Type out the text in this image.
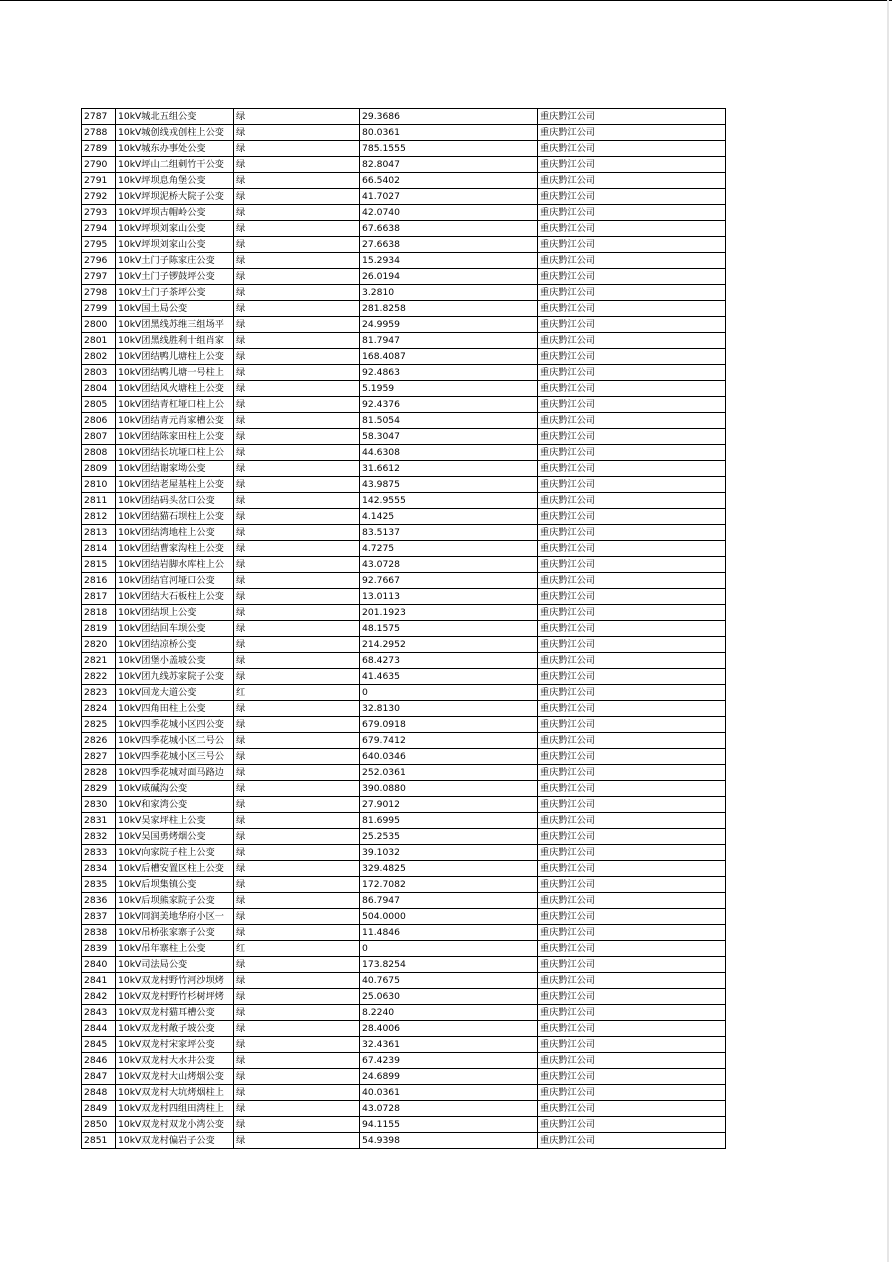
2787	10kV城北五组公变	绿	29.3686	重庆黔江公司
2788	10kV城创线戎创柱上公变	绿	80.0361	重庆黔江公司
2789	10kV城东办事处公变	绿	785.1555	重庆黔江公司
2790	10kV坪山二组刺竹干公变	绿	82.8047	重庆黔江公司
2791	10kV坪坝息角堡公变	绿	66.5402	重庆黔江公司
2792	10kV坪坝泥桥大院子公变	绿	41.7027	重庆黔江公司
2793	10kV坪坝古帽岭公变	绿	42.0740	重庆黔江公司
2794	10kV坪坝刘家山公变	绿	67.6638	重庆黔江公司
2795	10kV坪坝刘家山公变	绿	27.6638	重庆黔江公司
2796	10kV土门子陈家庄公变	绿	15.2934	重庆黔江公司
2797	10kV土门子锣鼓坪公变	绿	26.0194	重庆黔江公司
2798	10kV土门子茶坪公变	绿	3.2810	重庆黔江公司
2799	10kV国土局公变	绿	281.8258	重庆黔江公司
2800	10kV团黑线苏维三组场平	绿	24.9959	重庆黔江公司
2801	10kV团黑线胜利十组肖家	绿	81.7947	重庆黔江公司
2802	10kV团结鸭儿塘柱上公变	绿	168.4087	重庆黔江公司
2803	10kV团结鸭儿塘一号柱上	绿	92.4863	重庆黔江公司
2804	10kV团结风火塘柱上公变	绿	5.1959	重庆黔江公司
2805	10kV团结青杠垭口柱上公	绿	92.4376	重庆黔江公司
2806	10kV团结青元肖家槽公变	绿	81.5054	重庆黔江公司
2807	10kV团结陈家田柱上公变	绿	58.3047	重庆黔江公司
2808	10kV团结长坑垭口柱上公	绿	44.6308	重庆黔江公司
2809	10kV团结谢家坳公变	绿	31.6612	重庆黔江公司
2810	10kV团结老屋基柱上公变	绿	43.9875	重庆黔江公司
2811	10kV团结码头岔口公变	绿	142.9555	重庆黔江公司
2812	10kV团结猫石坝柱上公变	绿	4.1425	重庆黔江公司
2813	10kV团结湾地柱上公变	绿	83.5137	重庆黔江公司
2814	10kV团结曹家沟柱上公变	绿	4.7275	重庆黔江公司
2815	10kV团结岩脚水库柱上公	绿	43.0728	重庆黔江公司
2816	10kV团结官河垭口公变	绿	92.7667	重庆黔江公司
2817	10kV团结大石板柱上公变	绿	13.0113	重庆黔江公司
2818	10kV团结坝上公变	绿	201.1923	重庆黔江公司
2819	10kV团结回车坝公变	绿	48.1575	重庆黔江公司
2820	10kV团结凉桥公变	绿	214.2952	重庆黔江公司
2821	10kV团堡小盖坡公变	绿	68.4273	重庆黔江公司
2822	10kV团九线苏家院子公变	绿	41.4635	重庆黔江公司
2823	10kV回龙大道公变	红	0	重庆黔江公司
2824	10kV四角田柱上公变	绿	32.8130	重庆黔江公司
2825	10kV四季花城小区四公变	绿	679.0918	重庆黔江公司
2826	10kV四季花城小区二号公	绿	679.7412	重庆黔江公司
2827	10kV四季花城小区三号公	绿	640.0346	重庆黔江公司
2828	10kV四季花城对面马路边	绿	252.0361	重庆黔江公司
2829	10kV咸碱沟公变	绿	390.0880	重庆黔江公司
2830	10kV和家湾公变	绿	27.9012	重庆黔江公司
2831	10kV吴家坪柱上公变	绿	81.6995	重庆黔江公司
2832	10kV吴国勇烤烟公变	绿	25.2535	重庆黔江公司
2833	10kV向家院子柱上公变	绿	39.1032	重庆黔江公司
2834	10kV后槽安置区柱上公变	绿	329.4825	重庆黔江公司
2835	10kV后坝集镇公变	绿	172.7082	重庆黔江公司
2836	10kV后坝熊家院子公变	绿	86.7947	重庆黔江公司
2837	10kV同润美地华府小区一	绿	504.0000	重庆黔江公司
2838	10kV吊桥张家寨子公变	绿	11.4846	重庆黔江公司
2839	10kV吊年寨柱上公变	红	0	重庆黔江公司
2840	10kV司法局公变	绿	173.8254	重庆黔江公司
2841	10kV双龙村野竹河沙坝烤	绿	40.7675	重庆黔江公司
2842	10kV双龙村野竹杉树坪烤	绿	25.0630	重庆黔江公司
2843	10kV双龙村猫耳槽公变	绿	8.2240	重庆黔江公司
2844	10kV双龙村敞子坡公变	绿	28.4006	重庆黔江公司
2845	10kV双龙村宋家坪公变	绿	32.4361	重庆黔江公司
2846	10kV双龙村大水井公变	绿	67.4239	重庆黔江公司
2847	10kV双龙村大山烤烟公变	绿	24.6899	重庆黔江公司
2848	10kV双龙村大坑烤烟柱上	绿	40.0361	重庆黔江公司
2849	10kV双龙村四组田湾柱上	绿	43.0728	重庆黔江公司
2850	10kV双龙村双龙小湾公变	绿	94.1155	重庆黔江公司
2851	10kV双龙村偏岩子公变	绿	54.9398	重庆黔江公司
